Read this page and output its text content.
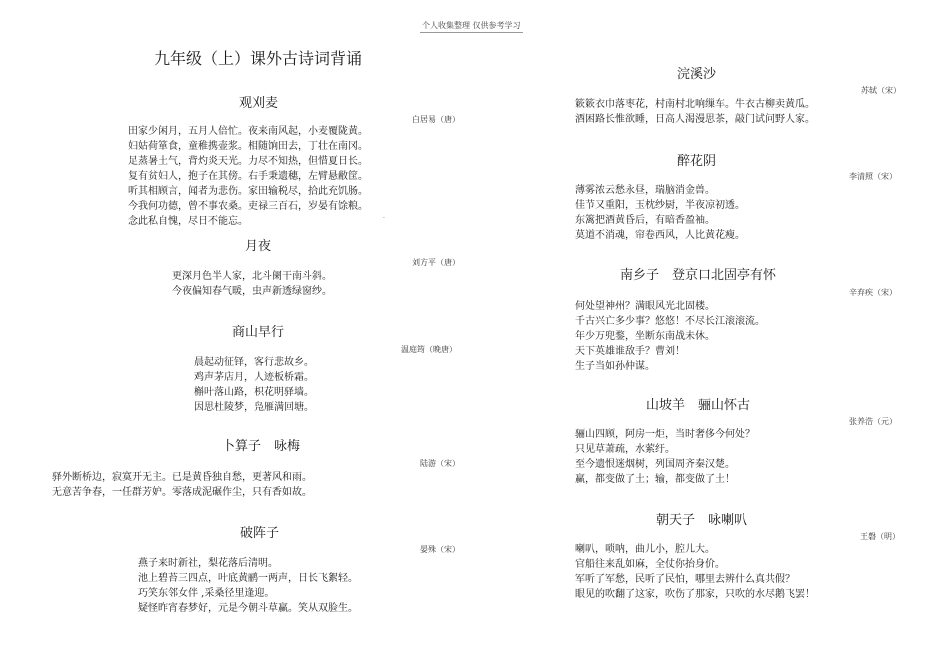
个人收集整理 仅供参考学习
九年级（上）课外古诗词背诵
观刈麦
白居易（唐）
田家少闲月，五月人倍忙。夜来南风起，小麦覆陇黄。
妇姑荷箪食，童稚携壶浆。相随饷田去，丁壮在南冈。
足蒸暑土气，背灼炎天光。力尽不知热，但惜夏日长。
复有贫妇人，抱子在其傍。右手秉遗穗，左臂悬敝筐。
听其相顾言，闻者为悲伤。家田输税尽，拾此充饥肠。
今我何功德，曾不事农桑。吏禄三百石，岁晏有馀粮。
念此私自愧，尽日不能忘。	·
月夜
刘方平（唐）
更深月色半人家，北斗阑干南斗斜。
今夜偏知春气暖，虫声新透绿窗纱。
商山早行
温庭筠（晚唐）
晨起动征铎，客行悲故乡。
鸡声茅店月，人迹板桥霜。
槲叶落山路，枳花明驿墙。
因思杜陵梦，凫雁满回塘。
卜算子　咏梅
陆游（宋）
驿外断桥边，寂寞开无主。已是黄昏独自愁，更著风和雨。
无意苦争春，一任群芳妒。零落成泥碾作尘，只有香如故。
破阵子
晏殊（宋）
燕子来时新社，梨花落后清明。
池上碧苔三四点，叶底黄鹂一两声，日长飞絮轻。
巧笑东邻女伴 ,采桑径里逢迎。
疑怪昨宵春梦好，元是今朝斗草赢。笑从双脸生。
浣溪沙
苏轼（宋）
簌簌衣巾落枣花，村南村北响缫车。牛衣古柳卖黄瓜。
酒困路长惟欲睡，日高人渴漫思茶，敲门试问野人家。
醉花阴
李清照（宋）
薄雾浓云愁永昼，瑞脑消金兽。
佳节又重阳，玉枕纱厨，半夜凉初透。
东篱把酒黄昏后，有暗香盈袖。
莫道不消魂，帘卷西风，人比黄花瘦。
南乡子　登京口北固亭有怀
辛弃疾（宋）
何处望神州？满眼风光北固楼。
千古兴亡多少事？悠悠！不尽长江滚滚流。
年少万兜鍪，坐断东南战未休。
天下英雄谁敌手？曹刘！
生子当如孙仲谋。
山坡羊　骊山怀古
张养浩（元）
骊山四顾，阿房一炬，当时奢侈今何处？
只见草萧疏，水萦纡。
至今遗恨迷烟树，列国周齐秦汉楚。
赢，都变做了土；输，都变做了土！
朝天子　咏喇叭
王磐（明）
喇叭，唢呐，曲儿小，腔儿大。
官船往来乱如麻，全仗你抬身价。
军听了军愁，民听了民怕，哪里去辨什么真共假？
眼见的吹翻了这家，吹伤了那家，只吹的水尽鹅飞罢！
